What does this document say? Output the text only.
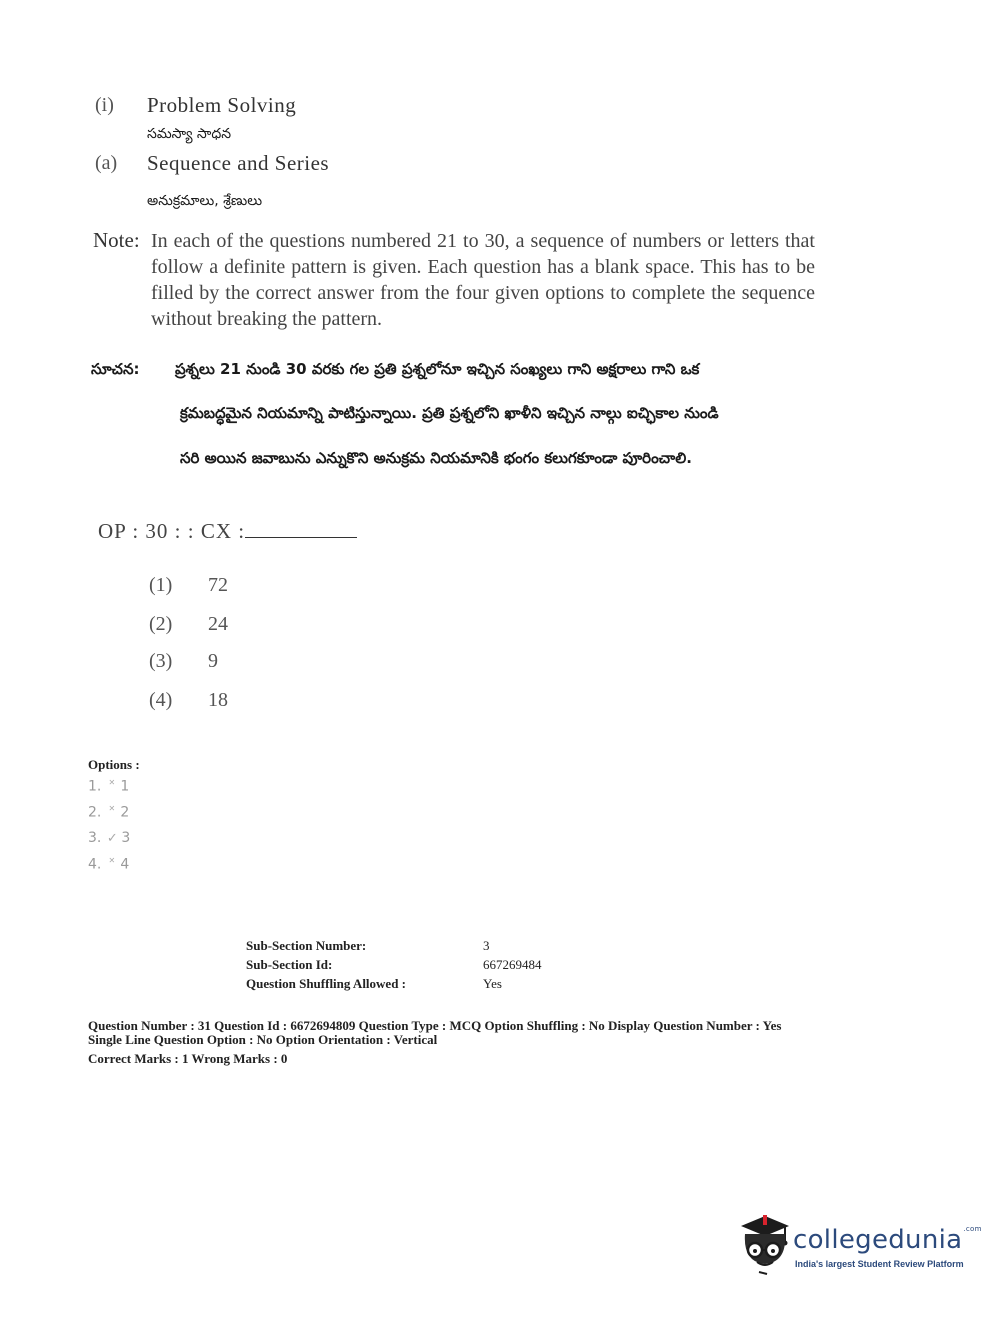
(i) Problem Solving
సమస్యా సాధన
(a) Sequence and Series
అనుక్రమాలు, శ్రేణులు
Note: In each of the questions numbered 21 to 30, a sequence of numbers or letters that follow a definite pattern is given. Each question has a blank space. This has to be filled by the correct answer from the four given options to complete the sequence without breaking the pattern.
సూచన: ప్రశ్నలు 21 నుండి 30 వరకు గల ప్రతి ప్రశ్నలోనూ ఇచ్చిన సంఖ్యలు గాని అక్షరాలు గాని ఒక
క్రమబద్ధమైన నియమాన్ని పాటిస్తున్నాయి. ప్రతి ప్రశ్నలోని ఖాళీని ఇచ్చిన నాల్గు ఐచ్ఛికాల నుండి
సరి అయిన జవాబును ఎన్నుకొని అనుక్రమ నియమానికి భంగం కలుగకూండా పూరించాలి.
OP : 30 : : CX :
(1) 72
(2) 24
(3) 9
(4) 18
Options :
1. ✕ 1
2. ✕ 2
3. ✓ 3
4. ✕ 4
Sub-Section Number:	3
Sub-Section Id:	667269484
Question Shuffling Allowed :	Yes
Question Number : 31 Question Id : 6672694809 Question Type : MCQ Option Shuffling : No Display Question Number : Yes
Single Line Question Option : No Option Orientation : Vertical
Correct Marks : 1 Wrong Marks : 0
collegedunia$^{.com}$
India's largest Student Review Platform
